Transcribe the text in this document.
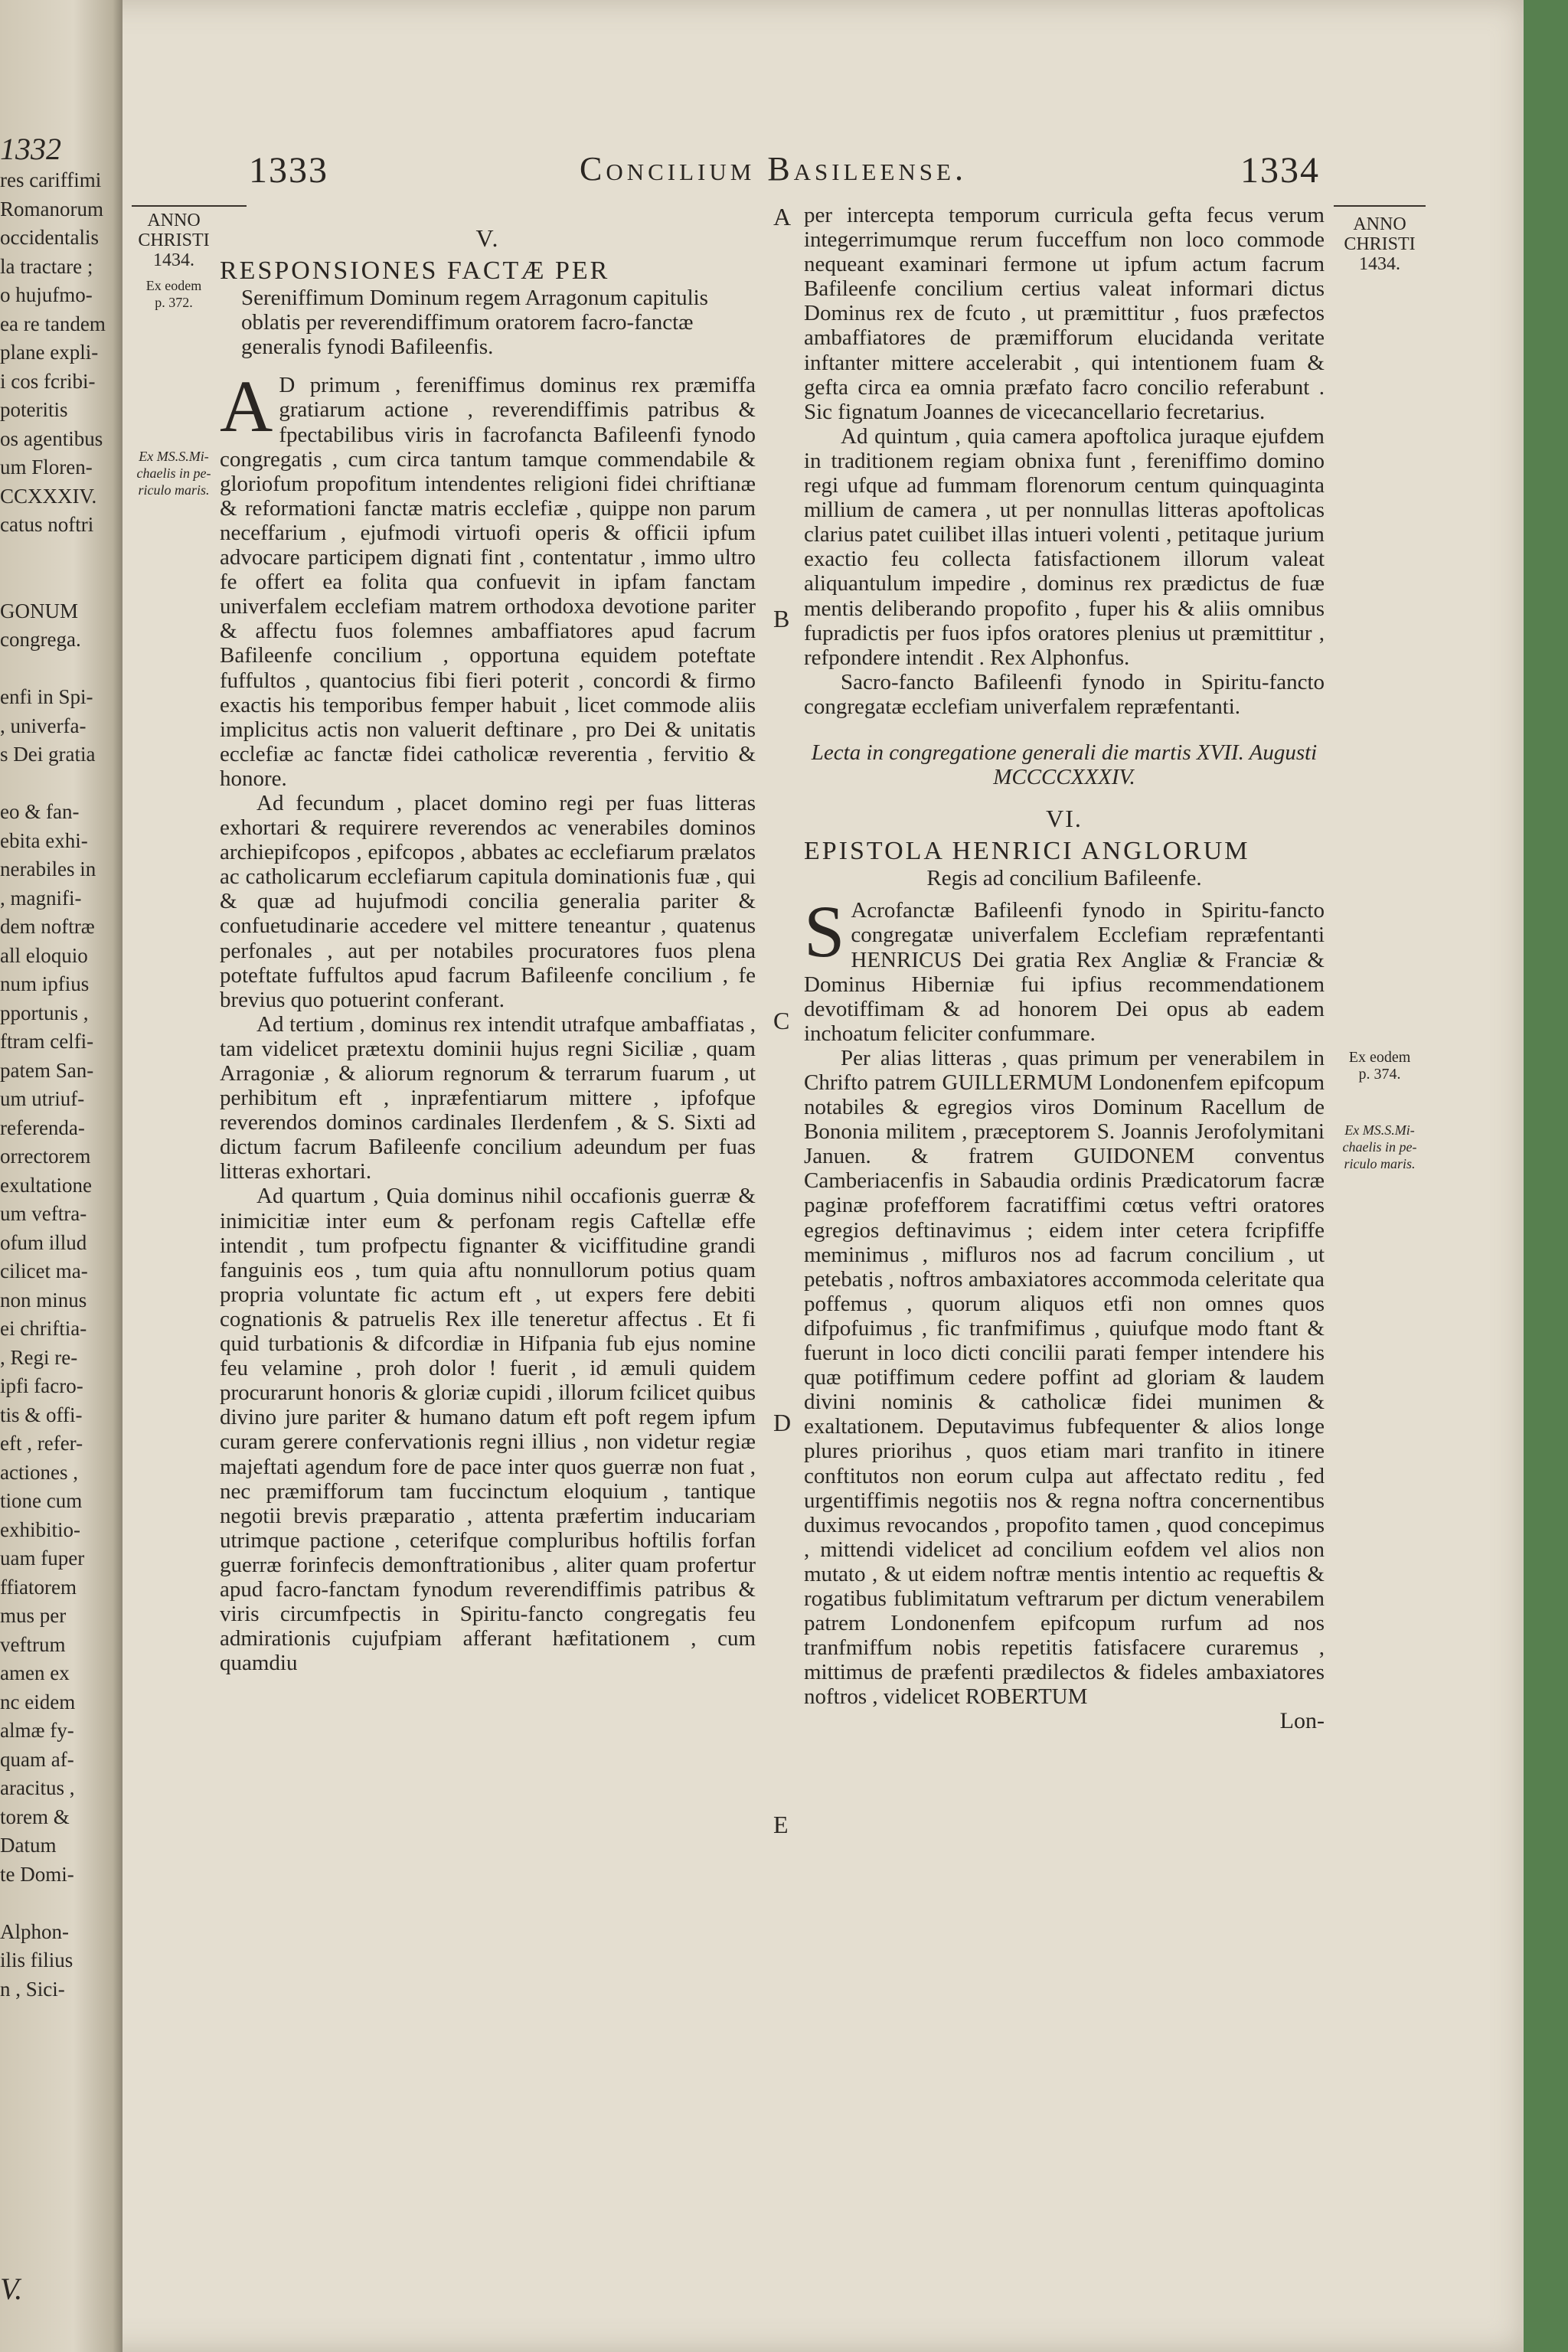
1332
res cariffimi
Romanorum
occidentalis
la tractare ;
o hujufmo-
ea re tandem
plane expli-
i cos fcribi-
poteritis
os agentibus
um Floren-
CCXXXIV.
catus noftri
GONUM
congrega.
enfi in Spi-
, univerfa-
s Dei gratia
eo & fan-
ebita exhi-
nerabiles in
, magnifi-
dem noftræ
all eloquio
num ipfius
pportunis ,
ftram celfi-
patem San-
um utriuf-
referenda-
orrectorem
exultatione
um veftra-
ofum illud
cilicet ma-
non minus
ei chriftia-
, Regi re-
ipfi facro-
tis & offi-
eft , refer-
actiones ,
tione cum
exhibitio-
uam fuper
ffiatorem
mus per
veftrum
amen ex
nc eidem
almæ fy-
quam af-
aracitus ,
torem &
Datum
te Domi-
Alphon-
ilis filius
n , Sici-
V.
1333	Concilium Basileense.	1334
ANNO
CHRISTI
1434.
Ex eodem
p. 372.
Ex MS.S.Mi-
chaelis in pe-
riculo maris.
ANNO
CHRISTI
1434.
Ex eodem
p. 374.
Ex MS.S.Mi-
chaelis in pe-
riculo maris.
A
B
C
D
E
V.
RESPONSIONES FACTÆ PER
Sereniffimum Dominum regem Arragonum capitulis oblatis per reverendiffimum oratorem facro-fanctæ generalis fynodi Bafileenfis.

A D primum , fereniffimus dominus rex præmiffa gratiarum actione , reverendiffimis patribus & fpectabilibus viris in facrofancta Bafileenfi fynodo congregatis , cum circa tantum tamque commendabile & gloriofum propofitum intendentes religioni fidei chriftianæ & reformationi fanctæ matris ecclefiæ , quippe non parum neceffarium , ejufmodi virtuofi operis & officii ipfum advocare participem dignati fint , contentatur , immo ultro fe offert ea folita qua confuevit in ipfam fanctam univerfalem ecclefiam matrem orthodoxa devotione pariter & affectu fuos folemnes ambaffiatores apud facrum Bafileenfe concilium , opportuna equidem poteftate fuffultos , quantocius fibi fieri poterit , concordi & firmo exactis his temporibus femper habuit , licet commode aliis implicitus actis non valuerit deftinare , pro Dei & unitatis ecclefiæ ac fanctæ fidei catholicæ reverentia , fervitio & honore.

Ad fecundum , placet domino regi per fuas litteras exhortari & requirere reverendos ac venerabiles dominos archiepifcopos , epifcopos , abbates ac ecclefiarum prælatos ac catholicarum ecclefiarum capitula dominationis fuæ , qui & quæ ad hujufmodi concilia generalia pariter & confuetudinarie accedere vel mittere teneantur , quatenus perfonales , aut per notabiles procuratores fuos plena poteftate fuffultos apud facrum Bafileenfe concilium , fe brevius quo potuerint conferant.

Ad tertium , dominus rex intendit utrafque ambaffiatas , tam videlicet prætextu dominii hujus regni Siciliæ , quam Arragoniæ , & aliorum regnorum & terrarum fuarum , ut perhibitum eft , inpræfentiarum mittere , ipfofque reverendos dominos cardinales Ilerdenfem , & S. Sixti ad dictum facrum Bafileenfe concilium adeundum per fuas litteras exhortari.

Ad quartum , Quia dominus nihil occafionis guerræ & inimicitiæ inter eum & perfonam regis Caftellæ effe intendit , tum profpectu fignanter & viciffitudine grandi fanguinis eos , tum quia aftu nonnullorum potius quam propria voluntate fic actum eft , ut expers fere debiti cognationis & patruelis Rex ille teneretur affectus . Et fi quid turbationis & difcordiæ in Hifpania fub ejus nomine feu velamine , proh dolor ! fuerit , id æmuli quidem procurarunt honoris & gloriæ cupidi , illorum fcilicet quibus divino jure pariter & humano datum eft poft regem ipfum curam gerere confervationis regni illius , non videtur regiæ majeftati agendum fore de pace inter quos guerræ non fuat , nec præmifforum tam fuccinctum eloquium , tantique negotii brevis præparatio , attenta præfertim inducariam utrimque pactione , ceterifque compluribus hoftilis forfan guerræ forinfecis demonftrationibus , aliter quam profertur apud facro-fanctam fynodum reverendiffimis patribus & viris circumfpectis in Spiritu-fancto congregatis feu admirationis cujufpiam afferant hæfitationem , cum quamdiu

per intercepta temporum curricula gefta fecus verum integerrimumque rerum fucceffum non loco commode nequeant examinari fermone ut ipfum actum facrum Bafileenfe concilium certius valeat informari dictus Dominus rex de fcuto , ut præmittitur , fuos præfectos ambaffiatores de præmifforum elucidanda veritate inftanter mittere accelerabit , qui intentionem fuam & gefta circa ea omnia præfato facro concilio referabunt . Sic fignatum Joannes de vicecancellario fecretarius.

Ad quintum , quia camera apoftolica juraque ejufdem in traditionem regiam obnixa funt , fereniffimo domino regi ufque ad fummam florenorum centum quinquaginta millium de camera , ut per nonnullas litteras apoftolicas clarius patet cuilibet illas intueri volenti , petitaque jurium exactio feu collecta fatisfactionem illorum valeat aliquantulum impedire , dominus rex prædictus de fuæ mentis deliberando propofito , fuper his & aliis omnibus fupradictis per fuos ipfos oratores plenius ut præmittitur , refpondere intendit . Rex Alphonfus.

Sacro-fancto Bafileenfi fynodo in Spiritu-fancto congregatæ ecclefiam univerfalem repræfentanti.

Lecta in congregatione generali die martis XVII. Augusti MCCCCXXXIV.
VI.
EPISTOLA HENRICI ANGLORUM
Regis ad concilium Bafileenfe.

S Acrofanctæ Bafileenfi fynodo in Spiritu-fancto congregatæ univerfalem Ecclefiam repræfentanti HENRICUS Dei gratia Rex Angliæ & Franciæ & Dominus Hiberniæ fui ipfius recommendationem devotiffimam & ad honorem Dei opus ab eadem inchoatum feliciter confummare.

Per alias litteras , quas primum per venerabilem in Chrifto patrem GUILLERMUM Londonenfem epifcopum notabiles & egregios viros Dominum Racellum de Bononia militem , præceptorem S. Joannis Jerofolymitani Januen. & fratrem GUIDONEM conventus Camberiacenfis in Sabaudia ordinis Prædicatorum facræ paginæ profefforem facratiffimi cœtus veftri oratores egregios deftinavimus ; eidem inter cetera fcripfiffe meminimus , mifluros nos ad facrum concilium , ut petebatis , noftros ambaxiatores accommoda celeritate qua poffemus , quorum aliquos etfi non omnes quos difpofuimus , fic tranfmifimus , quiufque modo ftant & fuerunt in loco dicti concilii parati femper intendere his quæ potiffimum cedere poffint ad gloriam & laudem divini nominis & catholicæ fidei munimen & exaltationem. Deputavimus fubfequenter & alios longe plures priorihus , quos etiam mari tranfito in itinere conftitutos non eorum culpa aut affectato reditu , fed urgentiffimis negotiis nos & regna noftra concernentibus duximus revocandos , propofito tamen , quod concepimus , mittendi videlicet ad concilium eofdem vel alios non mutato , & ut eidem noftræ mentis intentio ac requeftis & rogatibus fublimitatum veftrarum per dictum venerabilem patrem Londonenfem epifcopum rurfum ad nos tranfmiffum nobis repetitis fatisfacere curaremus , mittimus de præfenti prædilectos & fideles ambaxiatores noftros , videlicet ROBERTUM

Lon-
